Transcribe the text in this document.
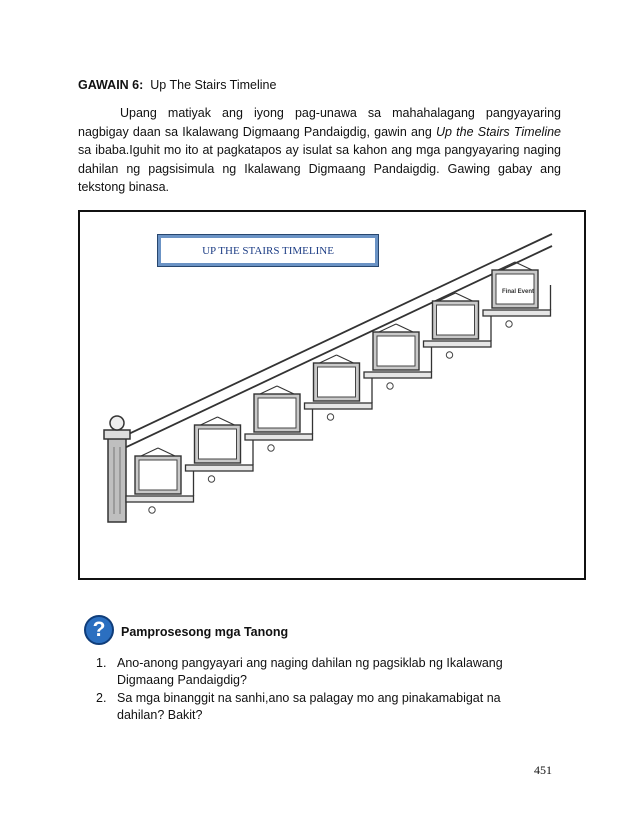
GAWAIN 6: Up The Stairs Timeline

Upang matiyak ang iyong pag-unawa sa mahahalagang pangyayaring nagbigay daan sa Ikalawang Digmaang Pandaigdig, gawin ang Up the Stairs Timeline sa ibaba.Iguhit mo ito at pagkatapos ay isulat sa kahon ang mga pangyayaring naging dahilan ng pagsisimula ng Ikalawang Digmaang Pandaigdig. Gawing gabay ang tekstong binasa.

Final Event
UP THE STAIRS TIMELINE
?	Pamprosesong mga Tanong
1. Ano-anong pangyayari ang naging dahilan ng pagsiklab ng Ikalawang Digmaang Pandaigdig?
2. Sa mga binanggit na sanhi,ano sa palagay mo ang pinakamabigat na dahilan? Bakit?
451
